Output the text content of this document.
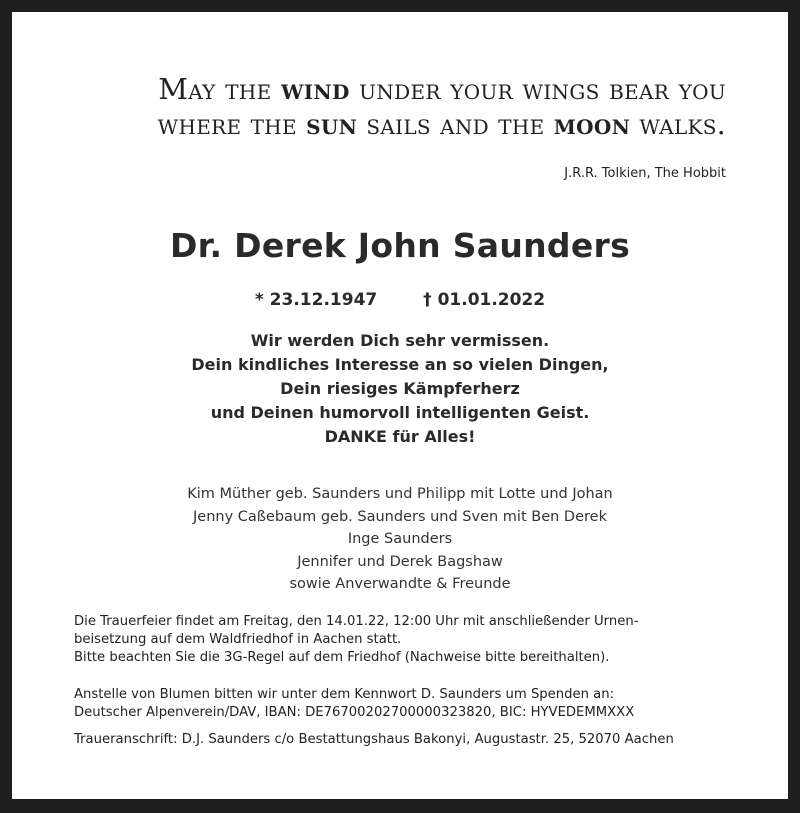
May the wind under your wings bear you
where the sun sails and the moon walks.
J.R.R. Tolkien, The Hobbit
Dr. Derek John Saunders
* 23.12.1947	† 01.01.2022
Wir werden Dich sehr vermissen.
Dein kindliches Interesse an so vielen Dingen,
Dein riesiges Kämpferherz
und Deinen humorvoll intelligenten Geist.
DANKE für Alles!
Kim Müther geb. Saunders und Philipp mit Lotte und Johan
Jenny Caßebaum geb. Saunders und Sven mit Ben Derek
Inge Saunders
Jennifer und Derek Bagshaw
sowie Anverwandte & Freunde
Die Trauerfeier findet am Freitag, den 14.01.22, 12:00 Uhr mit anschließender Urnen-
beisetzung auf dem Waldfriedhof in Aachen statt.
Bitte beachten Sie die 3G-Regel auf dem Friedhof (Nachweise bitte bereithalten).
Anstelle von Blumen bitten wir unter dem Kennwort D. Saunders um Spenden an:
Deutscher Alpenverein/DAV, IBAN: DE76700202700000323820, BIC: HYVEDEMMXXX
Traueranschrift: D.J. Saunders c/o Bestattungshaus Bakonyi, Augustastr. 25, 52070 Aachen
